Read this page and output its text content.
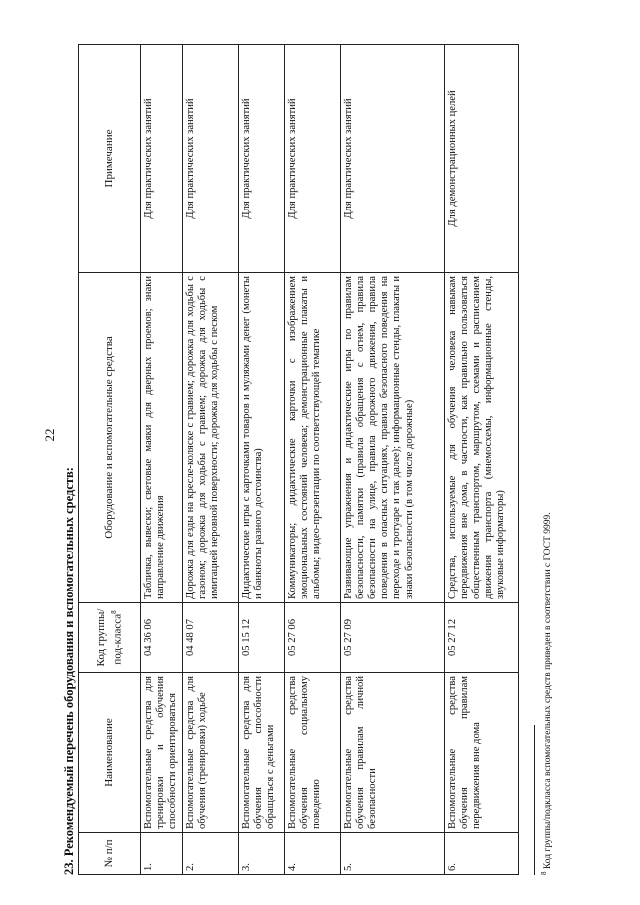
22
23. Рекомендуемый перечень оборудования и вспомогательных средств: № п/п	Наименование	Код группы/под-класса$^8$	Оборудование и вспомогательные средства	Примечание
1.	Вспомогательные средства для тренировки и обучения способности ориентироваться	04 36 06	Табличка, вывески; световые маяки для дверных проемов; знаки направление движения	Для практических занятий
2.	Вспомогательные средства для обучения (тренировки) ходьбе	04 48 07	Дорожка для езды на кресле-коляске с гравием; дорожка для ходьбы с газоном; дорожка для ходьбы с гравием; дорожка для ходьбы с имитацией неровной поверхности; дорожка для ходьбы с песком	Для практических занятий
3.	Вспомогательные средства для обучения способности обращаться с деньгами	05 15 12	Дидактические игры с карточками товаров и муляжами денег (монеты и банкноты разного достоинства)	Для практических занятий
4.	Вспомогательные средства обучения социальному поведению	05 27 06	Коммуникаторы; дидактические карточки с изображением эмоциональных состояний человека; демонстрационные плакаты и альбомы; видео-презентации по соответствующей тематике	Для практических занятий
5.	Вспомогательные средства обучения правилам личной безопасности	05 27 09	Развивающие упражнения и дидактические игры по правилам безопасности, памятки (правила обращения с огнем, правила безопасности на улице, правила дорожного движения, правила поведения в опасных ситуациях, правила безопасного поведения на переходе и тротуаре и так далее); информационные стенды, плакаты и знаки безопасности (в том числе дорожные)	Для практических занятий
6.	Вспомогательные средства обучения правилам передвижения вне дома	05 27 12	Средства, используемые для обучения человека навыкам передвижения вне дома, в частности, как правильно пользоваться общественным транспортом, маршрутом, схемами и расписанием движения транспорта (мнемосхемы, информационные стенды, звуковые информаторы)	Для демонстрационных целей
$^8$ Код группы/подкласса вспомогательных средств приведен в соответствии с ГОСТ 9999.
